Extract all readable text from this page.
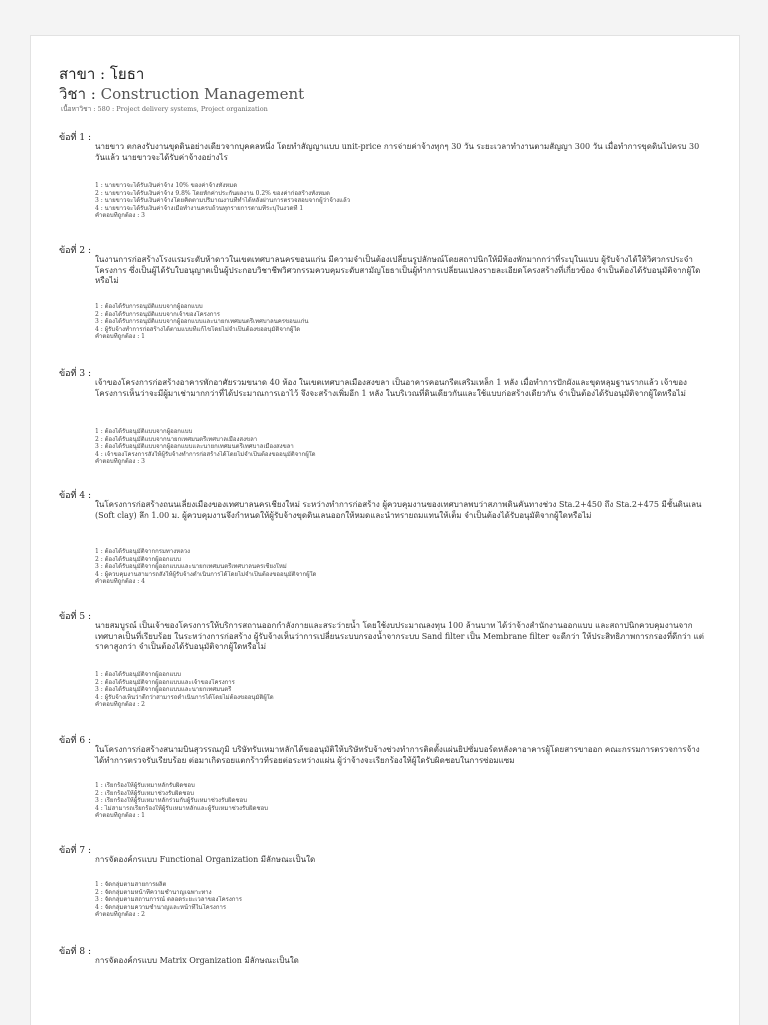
สาขา : โยธา
วิชา : Construction Management
เนื้อหาวิชา : 580 : Project delivery systems, Project organization
ข้อที่ 1 :
นายขาว ตกลงรับงานขุดดินอย่างเดียวจากบุคคลหนึ่ง โดยทำสัญญาแบบ unit-price การจ่ายค่าจ้างทุกๆ 30 วัน ระยะเวลาทำงานตามสัญญา 300 วัน เมื่อทำการขุดดินไปครบ 30 วันแล้ว นายขาวจะได้รับค่าจ้างอย่างไร
1 : นายขาวจะได้รับเงินค่าจ้าง 10% ของค่าจ้างทั้งหมด
2 : นายขาวจะได้รับเงินค่าจ้าง 9.8% โดยหักค่าประกันผลงาน 0.2% ของค่าก่อสร้างทั้งหมด
3 : นายขาวจะได้รับเงินค่าจ้างโดยคิดตามปริมาณงานที่ทำได้หลังผ่านการตรวจสอบจากผู้ว่าจ้างแล้ว
4 : นายขาวจะได้รับเงินค่าจ้างเมื่อทำงานครบถ้วนทุกรายการตามที่ระบุในงวดที่ 1
คำตอบที่ถูกต้อง : 3
ข้อที่ 2 :
ในงานการก่อสร้างโรงแรมระดับห้าดาวในเขตเทศบาลนครขอนแก่น มีความจำเป็นต้องเปลี่ยนรูปลักษณ์โดยสถาปนิกให้มีห้องพักมากกว่าที่ระบุในแบบ ผู้รับจ้างได้ให้วิศวกรประจำโครงการ ซึ่งเป็นผู้ได้รับใบอนุญาตเป็นผู้ประกอบวิชาชีพวิศวกรรมควบคุมระดับสามัญโยธาเป็นผู้ทำการเปลี่ยนแปลงรายละเอียดโครงสร้างที่เกี่ยวข้อง จำเป็นต้องได้รับอนุมัติจากผู้ใดหรือไม่
1 : ต้องได้รับการอนุมัติแบบจากผู้ออกแบบ
2 : ต้องได้รับการอนุมัติแบบจากเจ้าของโครงการ
3 : ต้องได้รับการอนุมัติแบบจากผู้ออกแบบและนายกเทศมนตรีเทศบาลนครขอนแก่น
4 : ผู้รับจ้างทำการก่อสร้างได้ตามแบบที่แก้ไขโดยไม่จำเป็นต้องขออนุมัติจากผู้ใด
คำตอบที่ถูกต้อง : 1
ข้อที่ 3 :
เจ้าของโครงการก่อสร้างอาคารพักอาศัยรวมขนาด 40 ห้อง ในเขตเทศบาลเมืองสงขลา เป็นอาคารคอนกรีตเสริมเหล็ก 1 หลัง เมื่อทำการปักผังและขุดหลุมฐานรากแล้ว เจ้าของโครงการเห็นว่าจะมีผู้มาเช่ามากกว่าที่ได้ประมาณการเอาไว้ จึงจะสร้างเพิ่มอีก 1 หลัง ในบริเวณที่ดินเดียวกันและใช้แบบก่อสร้างเดียวกัน จำเป็นต้องได้รับอนุมัติจากผู้ใดหรือไม่
1 : ต้องได้รับอนุมัติแบบจากผู้ออกแบบ
2 : ต้องได้รับอนุมัติแบบจากนายกเทศมนตรีเทศบาลเมืองสงขลา
3 : ต้องได้รับอนุมัติแบบจากผู้ออกแบบและนายกเทศมนตรีเทศบาลเมืองสงขลา
4 : เจ้าของโครงการสั่งให้ผู้รับจ้างทำการก่อสร้างได้โดยไม่จำเป็นต้องขออนุมัติจากผู้ใด
คำตอบที่ถูกต้อง : 3
ข้อที่ 4 :
ในโครงการก่อสร้างถนนเลี่ยงเมืองของเทศบาลนครเชียงใหม่ ระหว่างทำการก่อสร้าง ผู้ควบคุมงานของเทศบาลพบว่าสภาพดินคันทางช่วง Sta.2+450 ถึง Sta.2+475 มีชั้นดินเลน (Soft clay) ลึก 1.00 ม. ผู้ควบคุมงานจึงกำหนดให้ผู้รับจ้างขุดดินเลนออกให้หมดและนำทรายถมแทนให้เต็ม จำเป็นต้องได้รับอนุมัติจากผู้ใดหรือไม่
1 : ต้องได้รับอนุมัติจากกรมทางหลวง
2 : ต้องได้รับอนุมัติจากผู้ออกแบบ
3 : ต้องได้รับอนุมัติจากผู้ออกแบบและนายกเทศมนตรีเทศบาลนครเชียงใหม่
4 : ผู้ควบคุมงานสามารถสั่งให้ผู้รับจ้างดำเนินการได้โดยไม่จำเป็นต้องขออนุมัติจากผู้ใด
คำตอบที่ถูกต้อง : 4
ข้อที่ 5 :
นายสมบูรณ์ เป็นเจ้าของโครงการให้บริการสถานออกกำลังกายและสระว่ายน้ำ โดยใช้งบประมาณลงทุน 100 ล้านบาท ได้ว่าจ้างสำนักงานออกแบบ และสถาปนิกควบคุมงานจากเทศบาลเป็นที่เรียบร้อย ในระหว่างการก่อสร้าง ผู้รับจ้างเห็นว่าการเปลี่ยนระบบกรองน้ำจากระบบ Sand filter เป็น Membrane filter จะดีกว่า ให้ประสิทธิภาพการกรองที่ดีกว่า แต่ราคาสูงกว่า จำเป็นต้องได้รับอนุมัติจากผู้ใดหรือไม่
1 : ต้องได้รับอนุมัติจากผู้ออกแบบ
2 : ต้องได้รับอนุมัติจากผู้ออกแบบและเจ้าของโครงการ
3 : ต้องได้รับอนุมัติจากผู้ออกแบบและนายกเทศมนตรี
4 : ผู้รับจ้างเห็นว่าดีกว่าสามารถดำเนินการได้โดยไม่ต้องขออนุมัติผู้ใด
คำตอบที่ถูกต้อง : 2
ข้อที่ 6 :
ในโครงการก่อสร้างสนามบินสุวรรณภูมิ บริษัทรับเหมาหลักได้ขออนุมัติให้บริษัทรับจ้างช่วงทำการติดตั้งแผ่นยิปซั่มบอร์ดหลังคาอาคารผู้โดยสารขาออก คณะกรรมการตรวจการจ้างได้ทำการตรวจรับเรียบร้อย ต่อมาเกิดรอยแตกร้าวที่รอยต่อระหว่างแผ่น ผู้ว่าจ้างจะเรียกร้องให้ผู้ใดรับผิดชอบในการซ่อมแซม
1 : เรียกร้องให้ผู้รับเหมาหลักรับผิดชอบ
2 : เรียกร้องให้ผู้รับเหมาช่วงรับผิดชอบ
3 : เรียกร้องให้ผู้รับเหมาหลักร่วมกับผู้รับเหมาช่วงรับผิดชอบ
4 : ไม่สามารถเรียกร้องให้ผู้รับเหมาหลักและผู้รับเหมาช่วงรับผิดชอบ
คำตอบที่ถูกต้อง : 1
ข้อที่ 7 :
การจัดองค์กรแบบ Functional Organization มีลักษณะเป็นใด
1 : จัดกลุ่มตามสายการผลิต
2 : จัดกลุ่มตามหน้าที่ความชำนาญเฉพาะทาง
3 : จัดกลุ่มตามสถานการณ์ ตลอดระยะเวลาของโครงการ
4 : จัดกลุ่มตามความชำนาญและหน้าที่ในโครงการ
คำตอบที่ถูกต้อง : 2
ข้อที่ 8 :
การจัดองค์กรแบบ Matrix Organization มีลักษณะเป็นใด
